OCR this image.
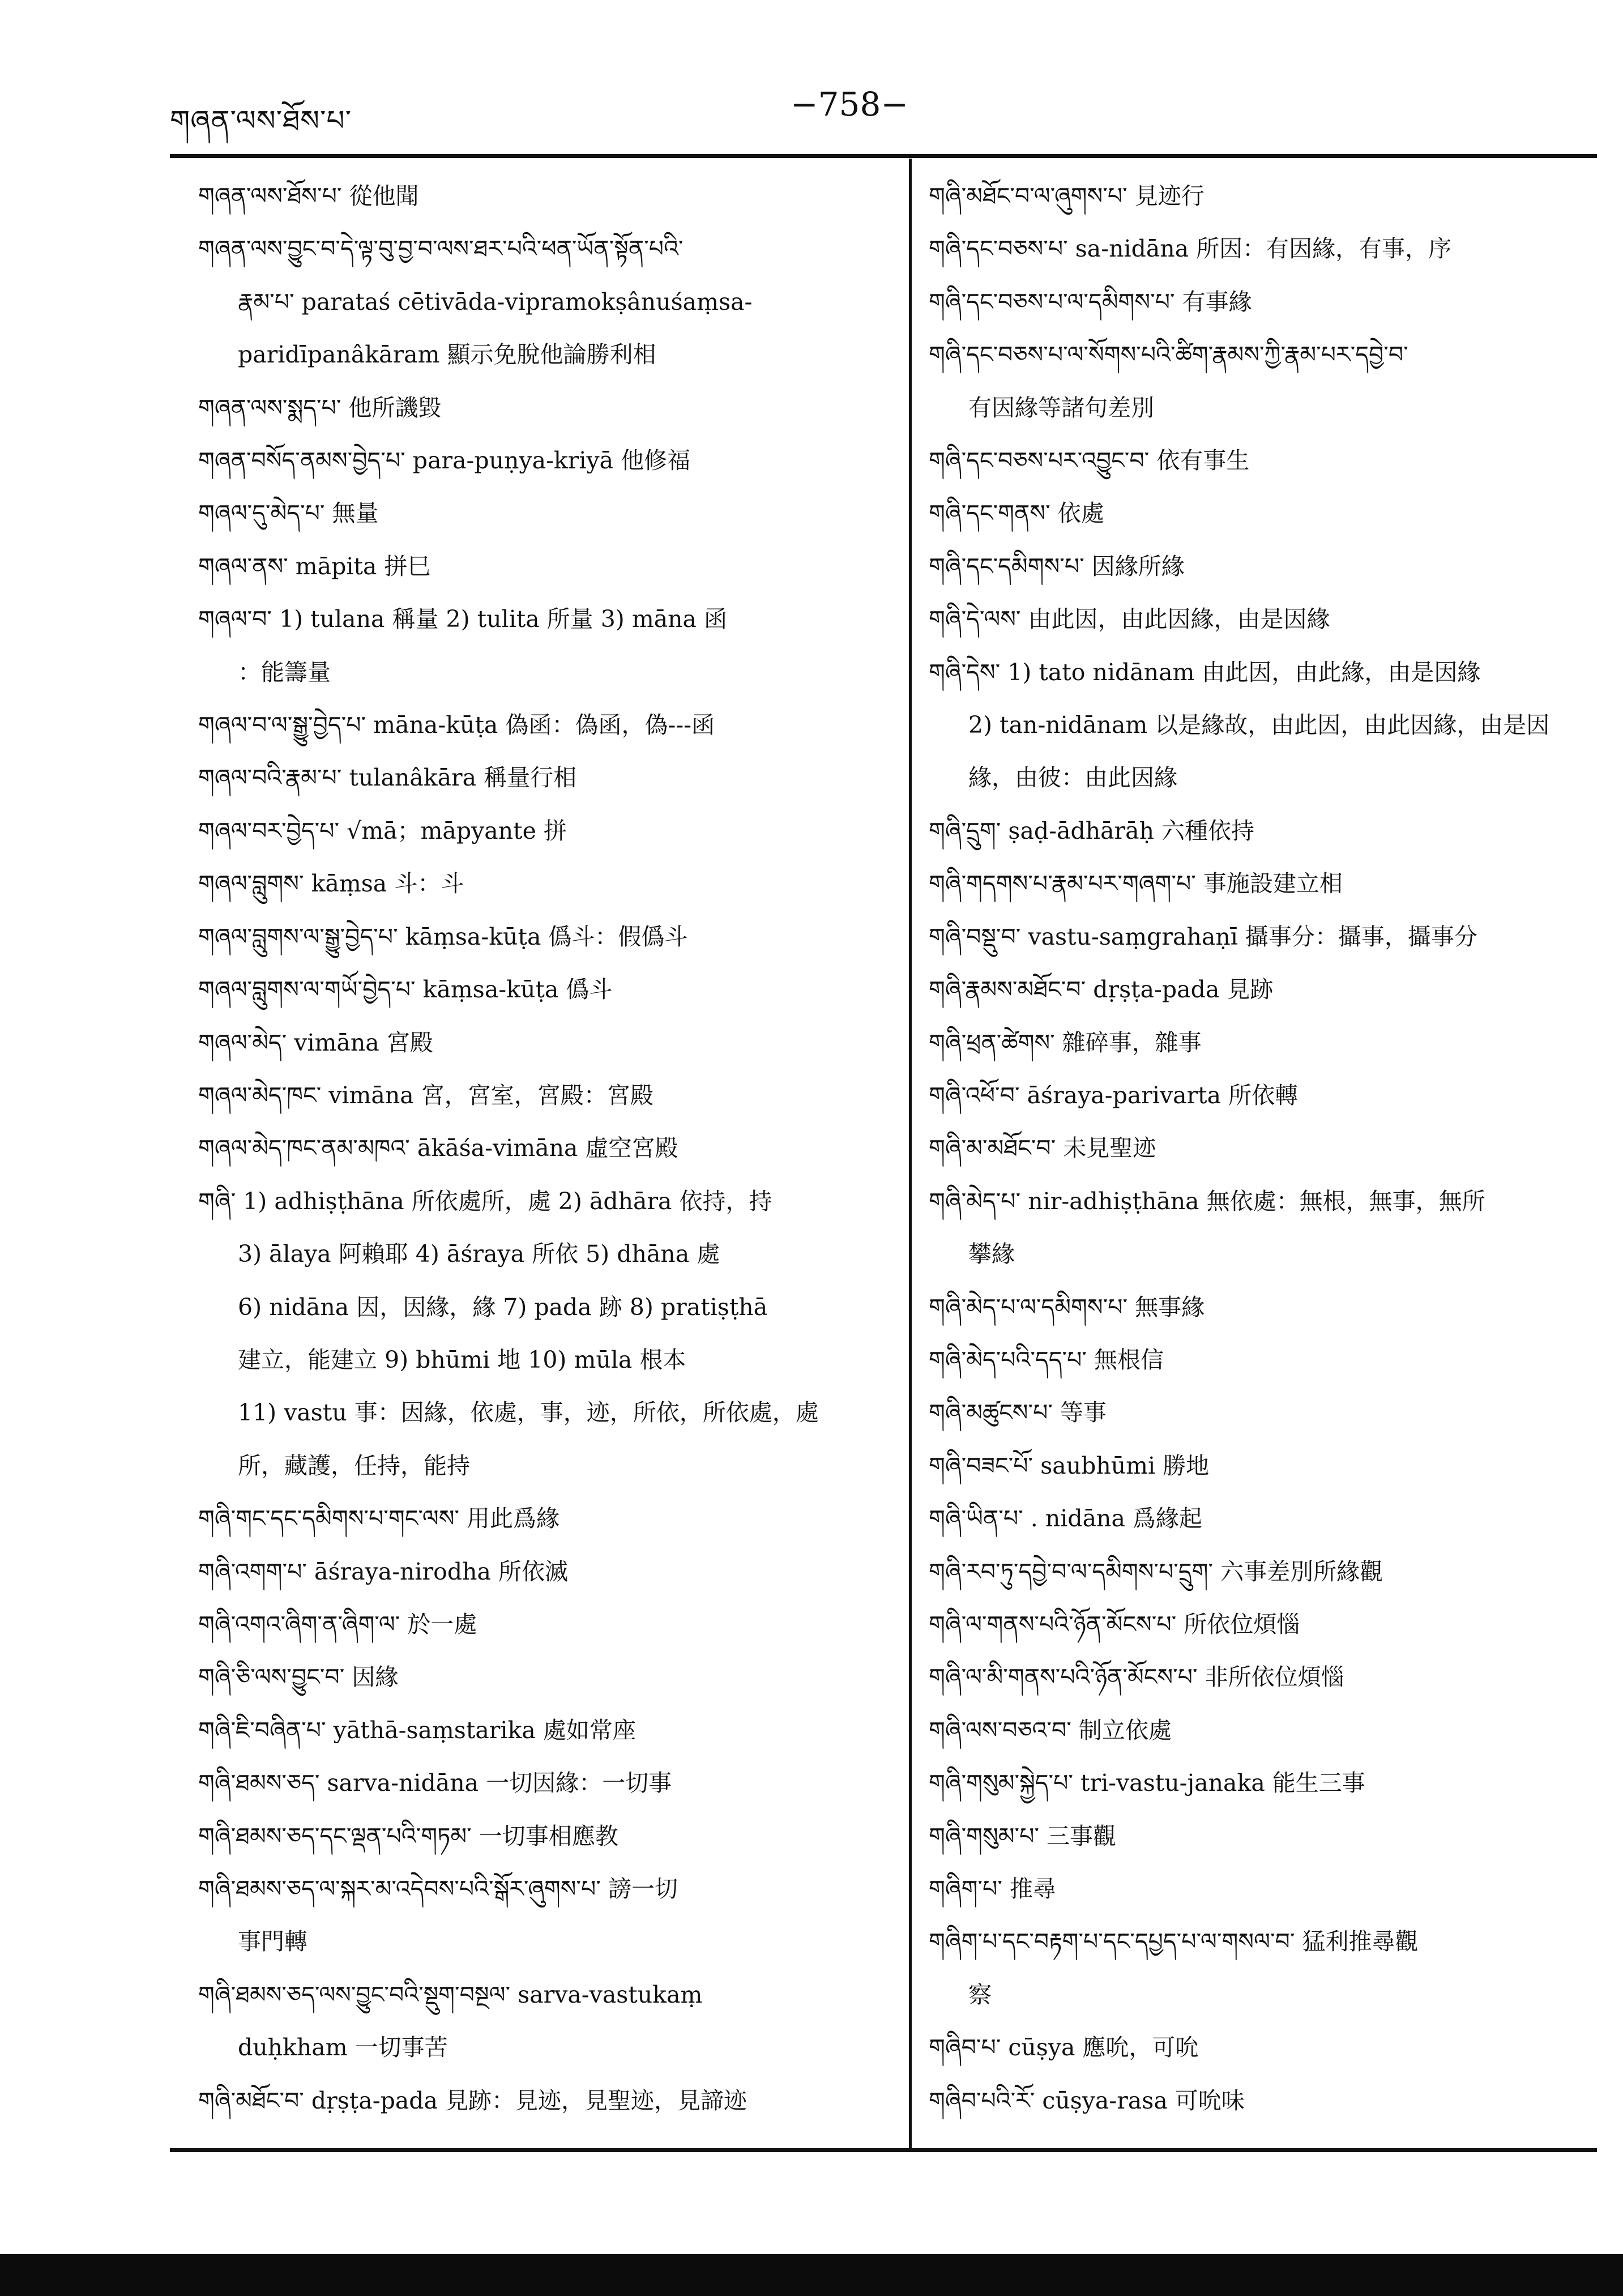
གཞན་ལས་ཐོས་པ་	−758−
གཞན་ལས་ཐོས་པ་ 從他聞
གཞན་ལས་བྱུང་བ་དེ་ལྟ་བུ་བྱ་བ་ལས་ཐར་པའི་ཕན་ཡོན་སྟོན་པའི་
རྣམ་པ་ parataś cētivāda-vipramokṣânuśaṃsa-
paridīpanâkāram 顯示免脫他論勝利相
གཞན་ལས་སྨད་པ་ 他所譏毀
གཞན་བསོད་ནམས་བྱེད་པ་ para-puṇya-kriyā 他修福
གཞལ་དུ་མེད་པ་ 無量
གཞལ་ནས་ māpita 拼巳
གཞལ་བ་ 1) tulana 稱量 2) tulita 所量 3) māna 函
：能籌量
གཞལ་བ་ལ་སྒྱུ་བྱེད་པ་ māna-kūṭa 偽函：偽函，偽---函
གཞལ་བའི་རྣམ་པ་ tulanâkāra 稱量行相
གཞལ་བར་བྱེད་པ་ √mā；māpyante 拼
གཞལ་བླུགས་ kāṃsa 斗：斗
གཞལ་བླུགས་ལ་སྒྱུ་བྱེད་པ་ kāṃsa-kūṭa 僞斗：假僞斗
གཞལ་བླུགས་ལ་གཡོ་བྱེད་པ་ kāṃsa-kūṭa 僞斗
གཞལ་མེད་ vimāna 宮殿
གཞལ་མེད་ཁང་ vimāna 宮，宮室，宮殿：宮殿
གཞལ་མེད་ཁང་ནམ་མཁའ་ ākāśa-vimāna 虛空宮殿
གཞི་ 1) adhiṣṭhāna 所依處所，處 2) ādhāra 依持，持
3) ālaya 阿賴耶 4) āśraya 所依 5) dhāna 處
6) nidāna 因，因緣，緣 7) pada 跡 8) pratiṣṭhā
建立，能建立 9) bhūmi 地 10) mūla 根本
11) vastu 事：因緣，依處，事，迹，所依，所依處，處
所，藏護，任持，能持
གཞི་གང་དང་དམིགས་པ་གང་ལས་ 用此爲緣
གཞི་འགག་པ་ āśraya-nirodha 所依滅
གཞི་འགའ་ཞིག་ན་ཞིག་ལ་ 於一處
གཞི་ཅི་ལས་བྱུང་བ་ 因緣
གཞི་ཇི་བཞིན་པ་ yāthā-saṃstarika 處如常座
གཞི་ཐམས་ཅད་ sarva-nidāna 一切因緣：一切事
གཞི་ཐམས་ཅད་དང་ལྡན་པའི་གཏམ་ 一切事相應教
གཞི་ཐམས་ཅད་ལ་སྐར་མ་འདེབས་པའི་སྒོར་ཞུགས་པ་ 謗一切
事門轉
གཞི་ཐམས་ཅད་ལས་བྱུང་བའི་སྡུག་བསྔལ་ sarva-vastukaṃ
duḥkham 一切事苦
གཞི་མཐོང་བ་ dṛṣṭa-pada 見跡：見迹，見聖迹，見諦迹
གཞི་མཐོང་བ་ལ་ཞུགས་པ་ 見迹行
གཞི་དང་བཅས་པ་ sa-nidāna 所因：有因緣，有事，序
གཞི་དང་བཅས་པ་ལ་དམིགས་པ་ 有事緣
གཞི་དང་བཅས་པ་ལ་སོགས་པའི་ཚིག་རྣམས་ཀྱི་རྣམ་པར་དབྱེ་བ་
有因緣等諸句差別
གཞི་དང་བཅས་པར་འབྱུང་བ་ 依有事生
གཞི་དང་གནས་ 依處
གཞི་དང་དམིགས་པ་ 因緣所緣
གཞི་དེ་ལས་ 由此因，由此因緣，由是因緣
གཞི་དེས་ 1) tato nidānam 由此因，由此緣，由是因緣
2) tan-nidānam 以是緣故，由此因，由此因緣，由是因
緣，由彼：由此因緣
གཞི་དྲུག་ ṣaḍ-ādhārāḥ 六種依持
གཞི་གདགས་པ་རྣམ་པར་གཞག་པ་ 事施設建立相
གཞི་བསྡུ་བ་ vastu-saṃgrahaṇī 攝事分：攝事，攝事分
གཞི་རྣམས་མཐོང་བ་ dṛṣṭa-pada 見跡
གཞི་ཕྲན་ཚེགས་ 雜碎事，雜事
གཞི་འཕོ་བ་ āśraya-parivarta 所依轉
གཞི་མ་མཐོང་བ་ 未見聖迹
གཞི་མེད་པ་ nir-adhiṣṭhāna 無依處：無根，無事，無所
攀緣
གཞི་མེད་པ་ལ་དམིགས་པ་ 無事緣
གཞི་མེད་པའི་དད་པ་ 無根信
གཞི་མཚུངས་པ་ 等事
གཞི་བཟང་པོ་ saubhūmi 勝地
གཞི་ཡིན་པ་ . nidāna 爲緣起
གཞི་རབ་ཏུ་དབྱེ་བ་ལ་དམིགས་པ་དྲུག་ 六事差別所緣觀
གཞི་ལ་གནས་པའི་ཉོན་མོངས་པ་ 所依位煩惱
གཞི་ལ་མི་གནས་པའི་ཉོན་མོངས་པ་ 非所依位煩惱
གཞི་ལས་བཅའ་བ་ 制立依處
གཞི་གསུམ་སྐྱེད་པ་ tri-vastu-janaka 能生三事
གཞི་གསུམ་པ་ 三事觀
གཞིག་པ་ 推尋
གཞིག་པ་དང་བརྟག་པ་དང་དཔྱད་པ་ལ་གསལ་བ་ 猛利推尋觀
察
གཞིབ་པ་ cūṣya 應吮，可吮
གཞིབ་པའི་རོ་ cūṣya-rasa 可吮味
